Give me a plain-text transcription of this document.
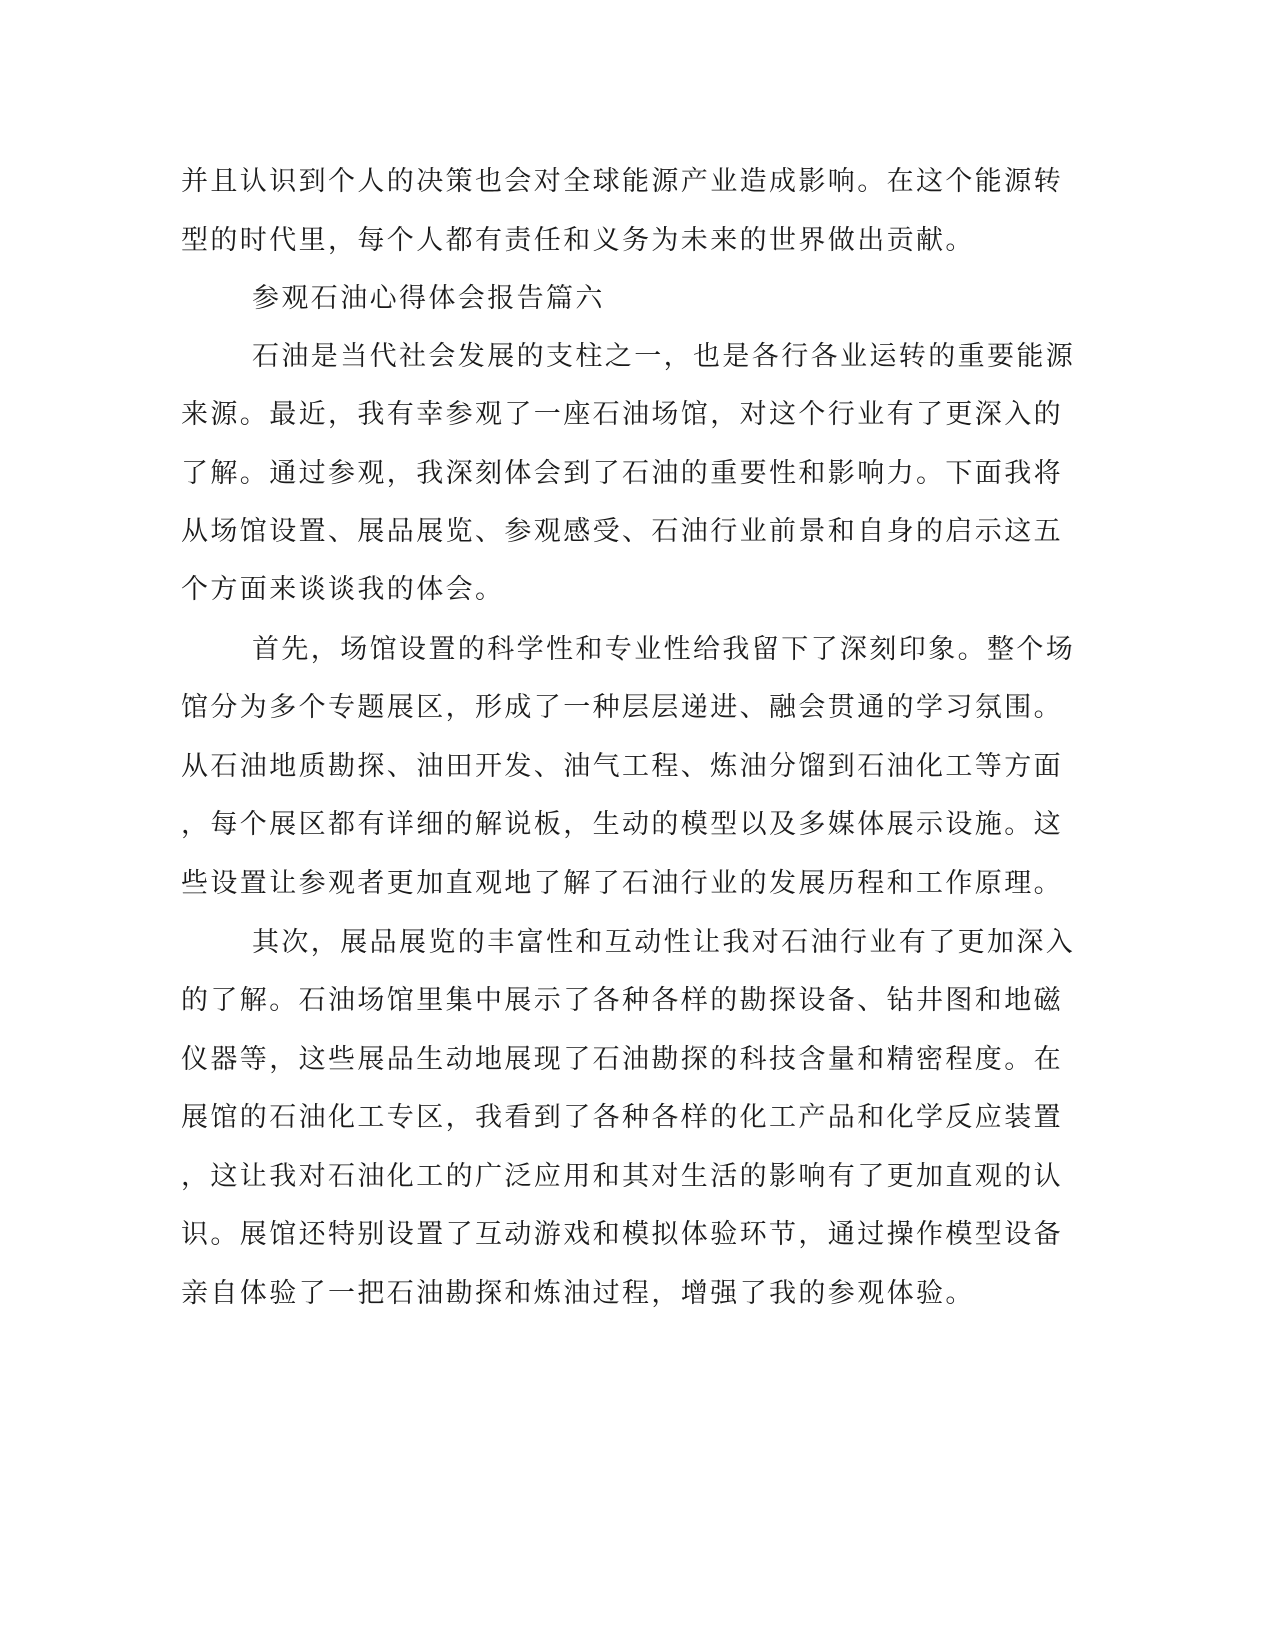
并且认识到个人的决策也会对全球能源产业造成影响。在这个能源转
型的时代里，每个人都有责任和义务为未来的世界做出贡献。
参观石油心得体会报告篇六
石油是当代社会发展的支柱之一，也是各行各业运转的重要能源
来源。最近，我有幸参观了一座石油场馆，对这个行业有了更深入的
了解。通过参观，我深刻体会到了石油的重要性和影响力。下面我将
从场馆设置、展品展览、参观感受、石油行业前景和自身的启示这五
个方面来谈谈我的体会。
首先，场馆设置的科学性和专业性给我留下了深刻印象。整个场
馆分为多个专题展区，形成了一种层层递进、融会贯通的学习氛围。
从石油地质勘探、油田开发、油气工程、炼油分馏到石油化工等方面
，每个展区都有详细的解说板，生动的模型以及多媒体展示设施。这
些设置让参观者更加直观地了解了石油行业的发展历程和工作原理。
其次，展品展览的丰富性和互动性让我对石油行业有了更加深入
的了解。石油场馆里集中展示了各种各样的勘探设备、钻井图和地磁
仪器等，这些展品生动地展现了石油勘探的科技含量和精密程度。在
展馆的石油化工专区，我看到了各种各样的化工产品和化学反应装置
，这让我对石油化工的广泛应用和其对生活的影响有了更加直观的认
识。展馆还特别设置了互动游戏和模拟体验环节，通过操作模型设备
亲自体验了一把石油勘探和炼油过程，增强了我的参观体验。
